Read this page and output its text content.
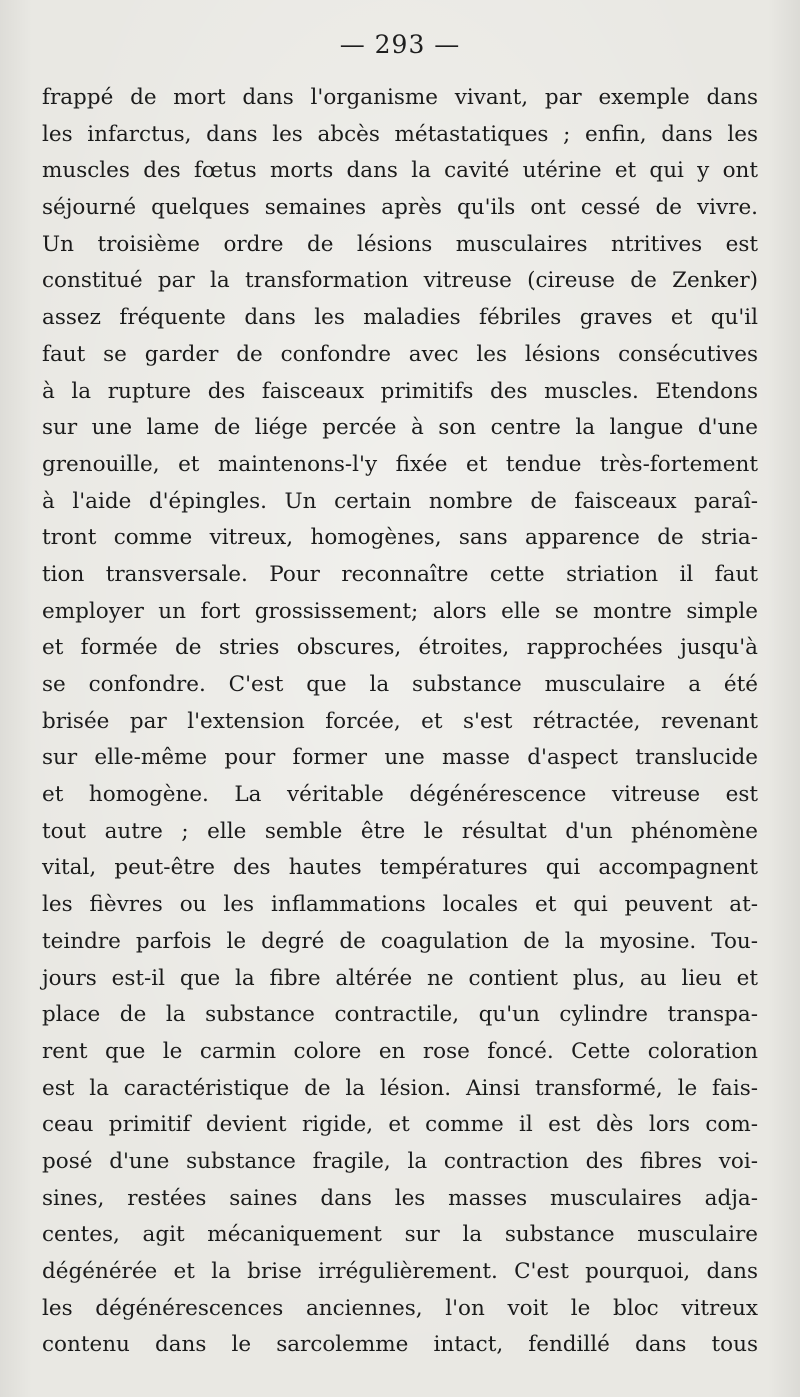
— 293 —
frappé de mort dans l'organisme vivant, par exemple dans
les infarctus, dans les abcès métastatiques ; enfin, dans les
muscles des fœtus morts dans la cavité utérine et qui y ont
séjourné quelques semaines après qu'ils ont cessé de vivre.
Un troisième ordre de lésions musculaires ntritives est
constitué par la transformation vitreuse (cireuse de Zenker)
assez fréquente dans les maladies fébriles graves et qu'il
faut se garder de confondre avec les lésions consécutives
à la rupture des faisceaux primitifs des muscles. Etendons
sur une lame de liége percée à son centre la langue d'une
grenouille, et maintenons-l'y fixée et tendue très-fortement
à l'aide d'épingles. Un certain nombre de faisceaux paraî-
tront comme vitreux, homogènes, sans apparence de stria-
tion transversale. Pour reconnaître cette striation il faut
employer un fort grossissement; alors elle se montre simple
et formée de stries obscures, étroites, rapprochées jusqu'à
se confondre. C'est que la substance musculaire a été
brisée par l'extension forcée, et s'est rétractée, revenant
sur elle-même pour former une masse d'aspect translucide
et homogène. La véritable dégénérescence vitreuse est
tout autre ; elle semble être le résultat d'un phénomène
vital, peut-être des hautes températures qui accompagnent
les fièvres ou les inflammations locales et qui peuvent at-
teindre parfois le degré de coagulation de la myosine. Tou-
jours est-il que la fibre altérée ne contient plus, au lieu et
place de la substance contractile, qu'un cylindre transpa-
rent que le carmin colore en rose foncé. Cette coloration
est la caractéristique de la lésion. Ainsi transformé, le fais-
ceau primitif devient rigide, et comme il est dès lors com-
posé d'une substance fragile, la contraction des fibres voi-
sines, restées saines dans les masses musculaires adja-
centes, agit mécaniquement sur la substance musculaire
dégénérée et la brise irrégulièrement. C'est pourquoi, dans
les dégénérescences anciennes, l'on voit le bloc vitreux
contenu dans le sarcolemme intact, fendillé dans tous
